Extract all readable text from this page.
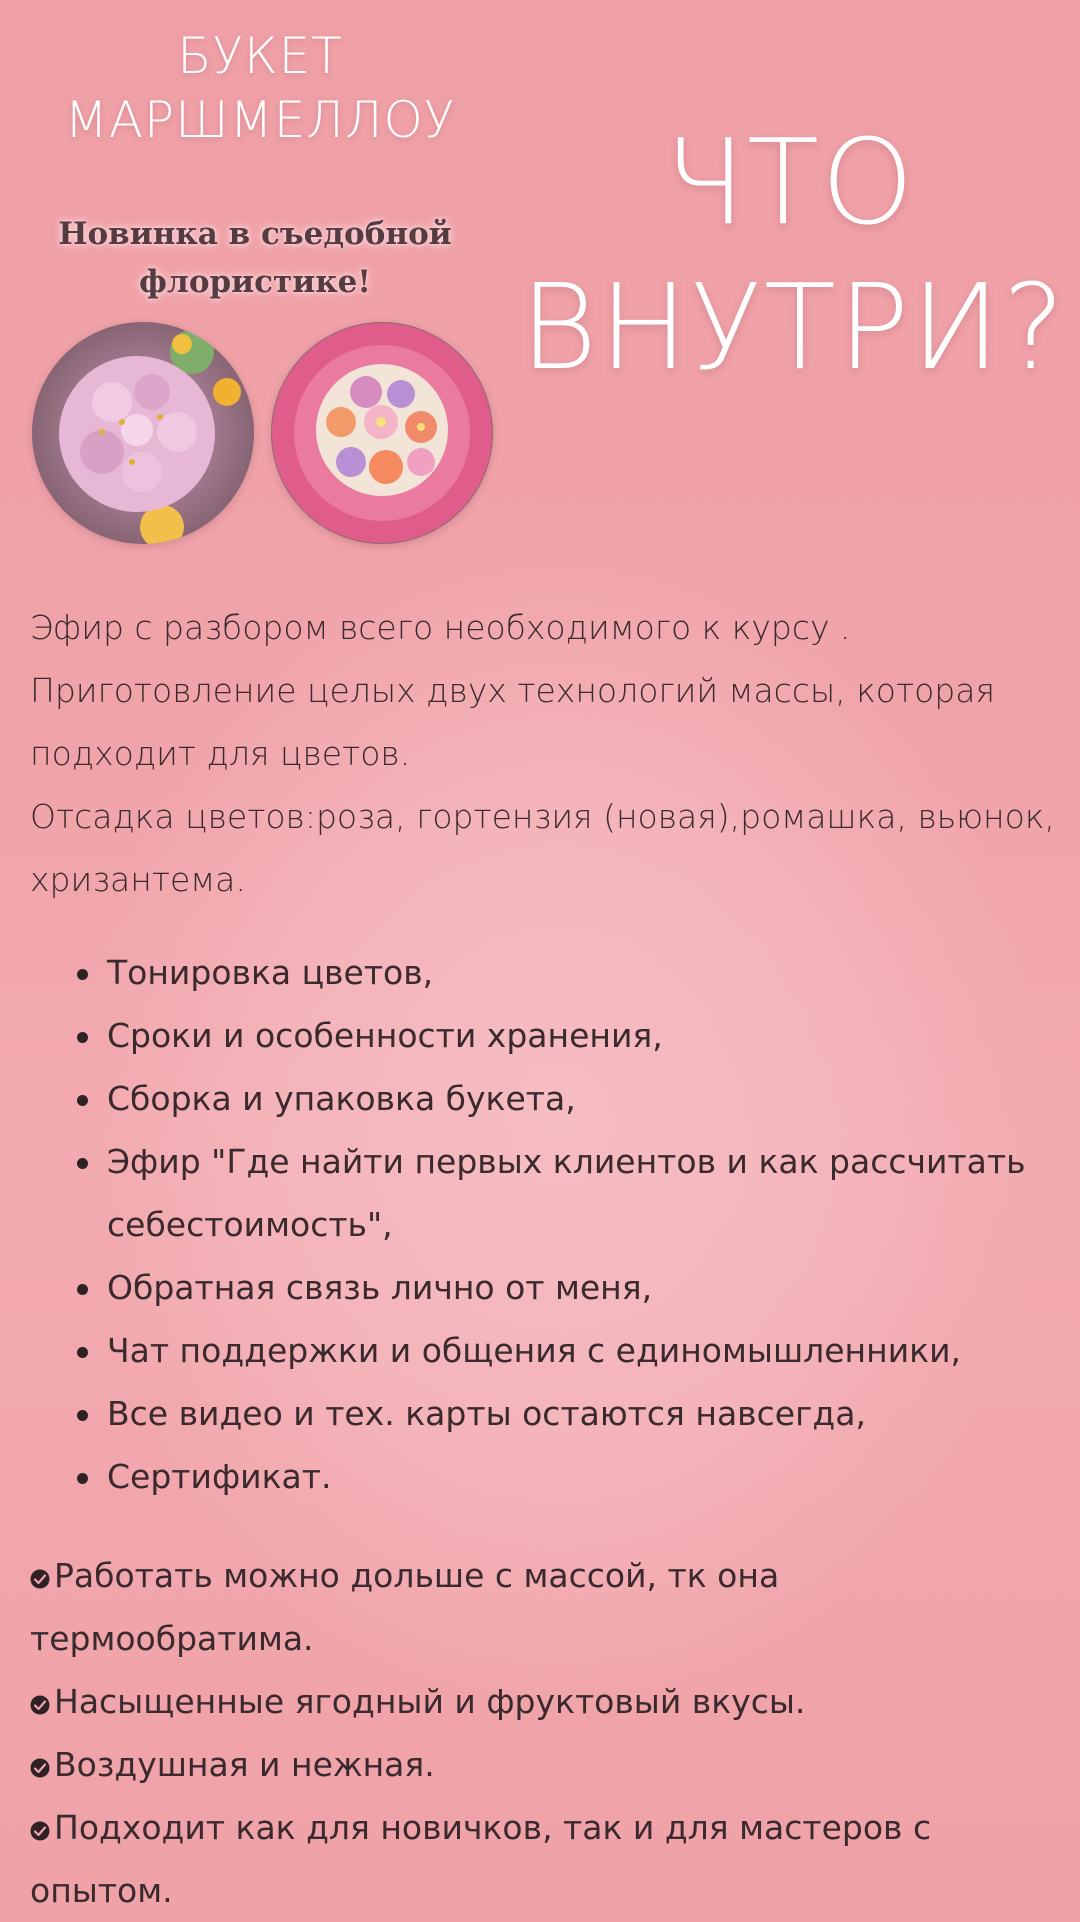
БУКЕТ
МАРШМЕЛЛОУ
Новинка в съедобной
флористике!
ЧТО
ВНУТРИ?

Эфир с разбором всего необходимого к курсу .

Приготовление целых двух технологий массы, которая подходит для цветов.

Отсадка цветов:роза, гортензия (новая),ромашка, вьюнок, хризантема.

Тонировка цветов,
Сроки и особенности хранения,
Сборка и упаковка букета,
Эфир "Где найти первых клиентов и как рассчитать себестоимость",
Обратная связь лично от меня,
Чат поддержки и общения с единомышленники,
Все видео и тех. карты остаются навсегда,
Сертификат.
Работать можно дольше с массой, тк она термообратима.
Насыщенные ягодный и фруктовый вкусы.
Воздушная и нежная.
Подходит как для новичков, так и для мастеров с опытом.
